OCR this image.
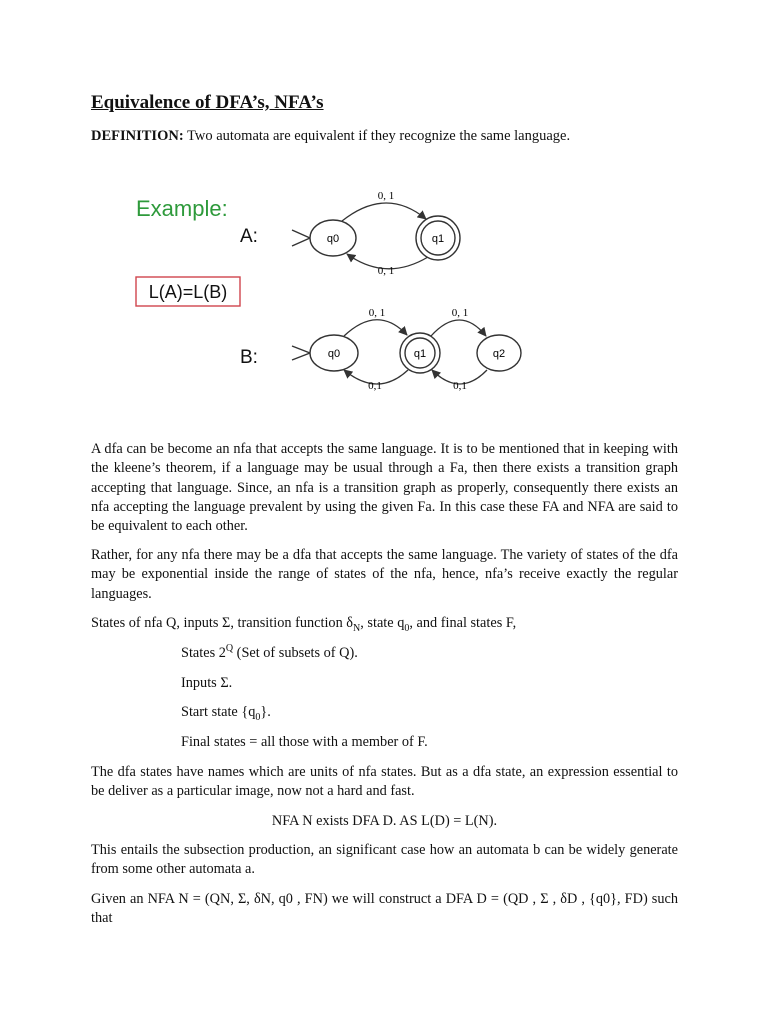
Equivalence of DFA’s, NFA’s

DEFINITION: Two automata are equivalent if they recognize the same language.

Example:
A:	q0	q1
0, 1
0, 1
L(A)=L(B)
B:	q0	q1	q2
0, 1	0, 1
0,1	0,1

A dfa can be become an nfa that accepts the same language. It is to be mentioned that in keeping with the kleene’s theorem, if a language may be usual through a Fa, then there exists a transition graph accepting that language. Since, an nfa is a transition graph as properly, consequently there exists an nfa accepting the language prevalent by using the given Fa. In this case these FA and NFA are said to be equivalent to each other.

Rather, for any nfa there may be a dfa that accepts the same language. The variety of states of the dfa may be exponential inside the range of states of the nfa, hence, nfa’s receive exactly the regular languages.

States of nfa Q, inputs Σ, transition function $\delta_N$, state $q_0$, and final states F,

States $2^Q$ (Set of subsets of Q).

Inputs Σ.

Start state $\{q_0\}$.

Final states = all those with a member of F.

The dfa states have names which are units of nfa states. But as a dfa state, an expression essential to be deliver as a particular image, now not a hard and fast.

NFA N exists DFA D. AS L(D) = L(N).

This entails the subsection production, an significant case how an automata b can be widely generate from some other automata a.

Given an NFA N = (QN, Σ, δN, q0 , FN) we will construct a DFA D = (QD , Σ , δD , {q0}, FD) such that
